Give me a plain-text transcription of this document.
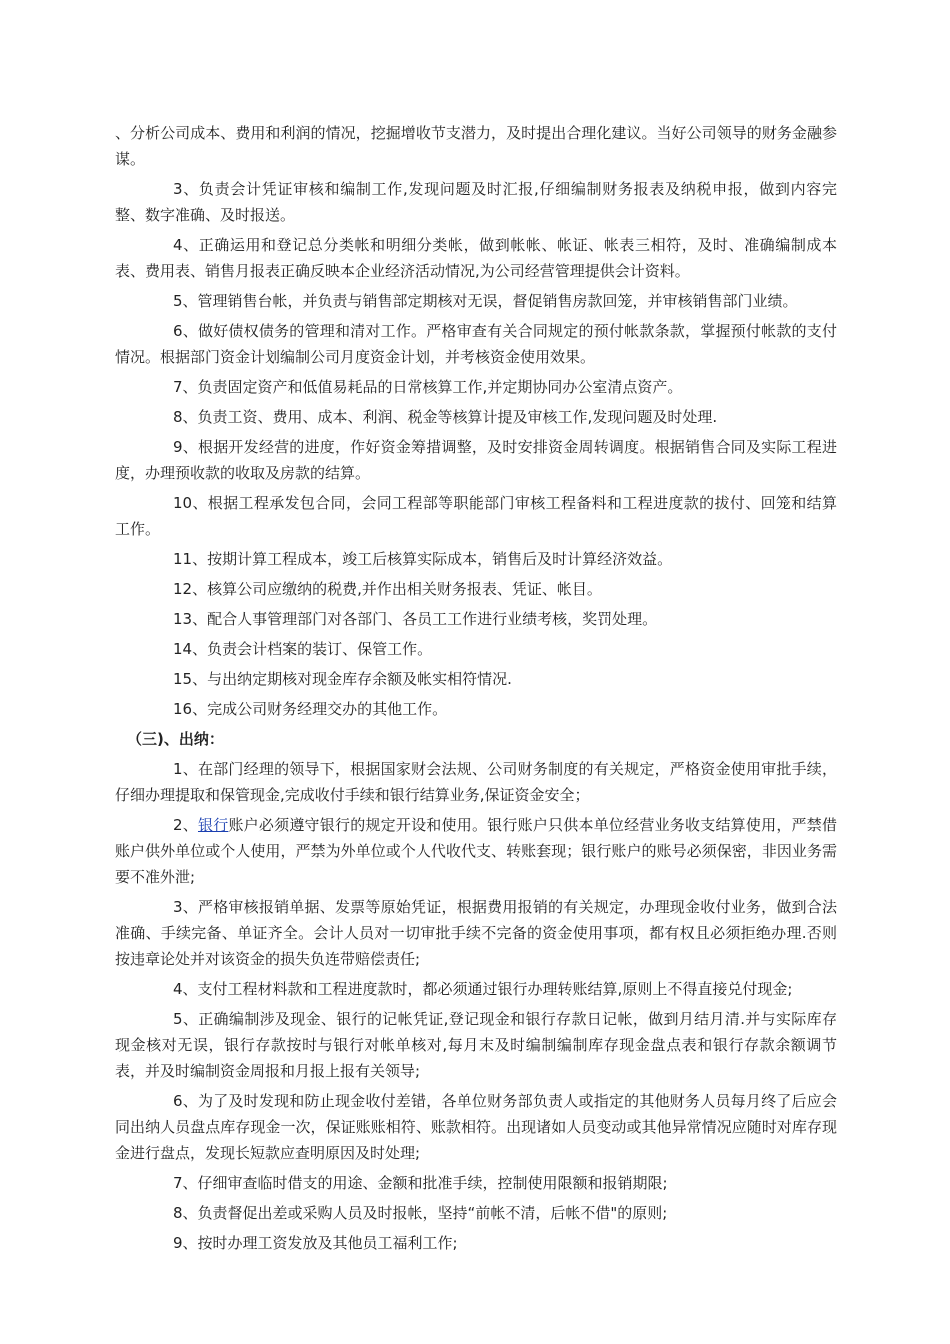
、分析公司成本、费用和利润的情况，挖掘增收节支潜力，及时提出合理化建议。当好公司领导的财务金融参谋。

3、负责会计凭证审核和编制工作,发现问题及时汇报,仔细编制财务报表及纳税申报，做到内容完整、数字准确、及时报送。

4、正确运用和登记总分类帐和明细分类帐，做到帐帐、帐证、帐表三相符，及时、准确编制成本表、费用表、销售月报表正确反映本企业经济活动情况,为公司经营管理提供会计资料。

5、管理销售台帐，并负责与销售部定期核对无误，督促销售房款回笼，并审核销售部门业绩。

6、做好债权债务的管理和清对工作。严格审查有关合同规定的预付帐款条款，掌握预付帐款的支付情况。根据部门资金计划编制公司月度资金计划，并考核资金使用效果。

7、负责固定资产和低值易耗品的日常核算工作,并定期协同办公室清点资产。

8、负责工资、费用、成本、利润、税金等核算计提及审核工作,发现问题及时处理.

9、根据开发经营的进度，作好资金筹措调整，及时安排资金周转调度。根据销售合同及实际工程进度，办理预收款的收取及房款的结算。

10、根据工程承发包合同，会同工程部等职能部门审核工程备料和工程进度款的拔付、回笼和结算工作。

11、按期计算工程成本，竣工后核算实际成本，销售后及时计算经济效益。

12、核算公司应缴纳的税费,并作出相关财务报表、凭证、帐目。

13、配合人事管理部门对各部门、各员工工作进行业绩考核，奖罚处理。

14、负责会计档案的装订、保管工作。

15、与出纳定期核对现金库存余额及帐实相符情况.

16、完成公司财务经理交办的其他工作。

（三)、出纳：

1、在部门经理的领导下，根据国家财会法规、公司财务制度的有关规定，严格资金使用审批手续，仔细办理提取和保管现金,完成收付手续和银行结算业务,保证资金安全；

2、银行账户必须遵守银行的规定开设和使用。银行账户只供本单位经营业务收支结算使用，严禁借账户供外单位或个人使用，严禁为外单位或个人代收代支、转账套现；银行账户的账号必须保密，非因业务需要不准外泄;

3、严格审核报销单据、发票等原始凭证，根据费用报销的有关规定，办理现金收付业务，做到合法准确、手续完备、单证齐全。会计人员对一切审批手续不完备的资金使用事项，都有权且必须拒绝办理.否则按违章论处并对该资金的损失负连带赔偿责任;

4、支付工程材料款和工程进度款时，都必须通过银行办理转账结算,原则上不得直接兑付现金;

5、正确编制涉及现金、银行的记帐凭证,登记现金和银行存款日记帐，做到月结月清.并与实际库存现金核对无误，银行存款按时与银行对帐单核对,每月末及时编制编制库存现金盘点表和银行存款余额调节表，并及时编制资金周报和月报上报有关领导;

6、为了及时发现和防止现金收付差错，各单位财务部负责人或指定的其他财务人员每月终了后应会同出纳人员盘点库存现金一次，保证账账相符、账款相符。出现诸如人员变动或其他异常情况应随时对库存现金进行盘点，发现长短款应查明原因及时处理;

7、仔细审查临时借支的用途、金额和批准手续，控制使用限额和报销期限;

8、负责督促出差或采购人员及时报帐，坚持“前帐不清，后帐不借"的原则;

9、按时办理工资发放及其他员工福利工作;
